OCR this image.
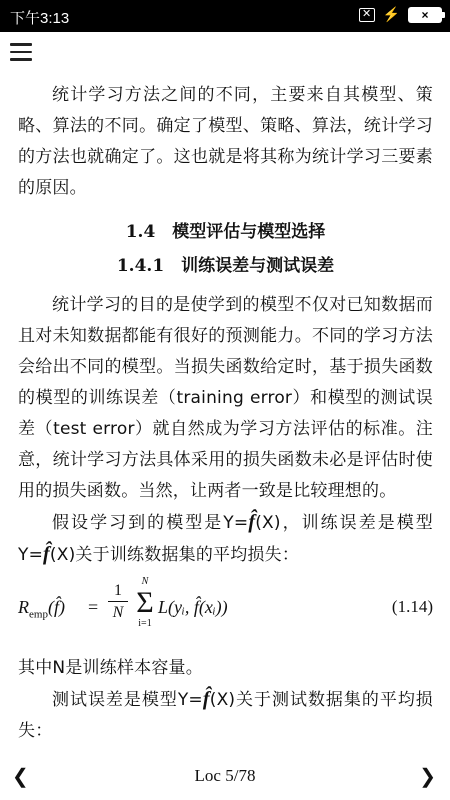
下午3:13	✕ ⚡	×

统计学习方法之间的不同，主要来自其模型、策略、算法的不同。确定了模型、策略、算法，统计学习的方法也就确定了。这也就是将其称为统计学习三要素的原因。

1.4　模型评估与模型选择
1.4.1　训练误差与测试误差

统计学习的目的是使学到的模型不仅对已知数据而且对未知数据都能有很好的预测能力。不同的学习方法会给出不同的模型。当损失函数给定时，基于损失函数的模型的训练误差（training error）和模型的测试误差（test error）就自然成为学习方法评估的标准。注意，统计学习方法具体采用的损失函数未必是评估时使用的损失函数。当然，让两者一致是比较理想的。

假设学习到的模型是Y=f̂(X)，训练误差是模型Y=f̂(X)关于训练数据集的平均损失：

$R_{emp}(f̂) = \frac{1}{N}$	N
Σ
i=1
L(yᵢ, f̂(xᵢ))	(1.14)

其中N是训练样本容量。

测试误差是模型Y=f̂(X)关于测试数据集的平均损失：

❮	Loc 5/78	❯
